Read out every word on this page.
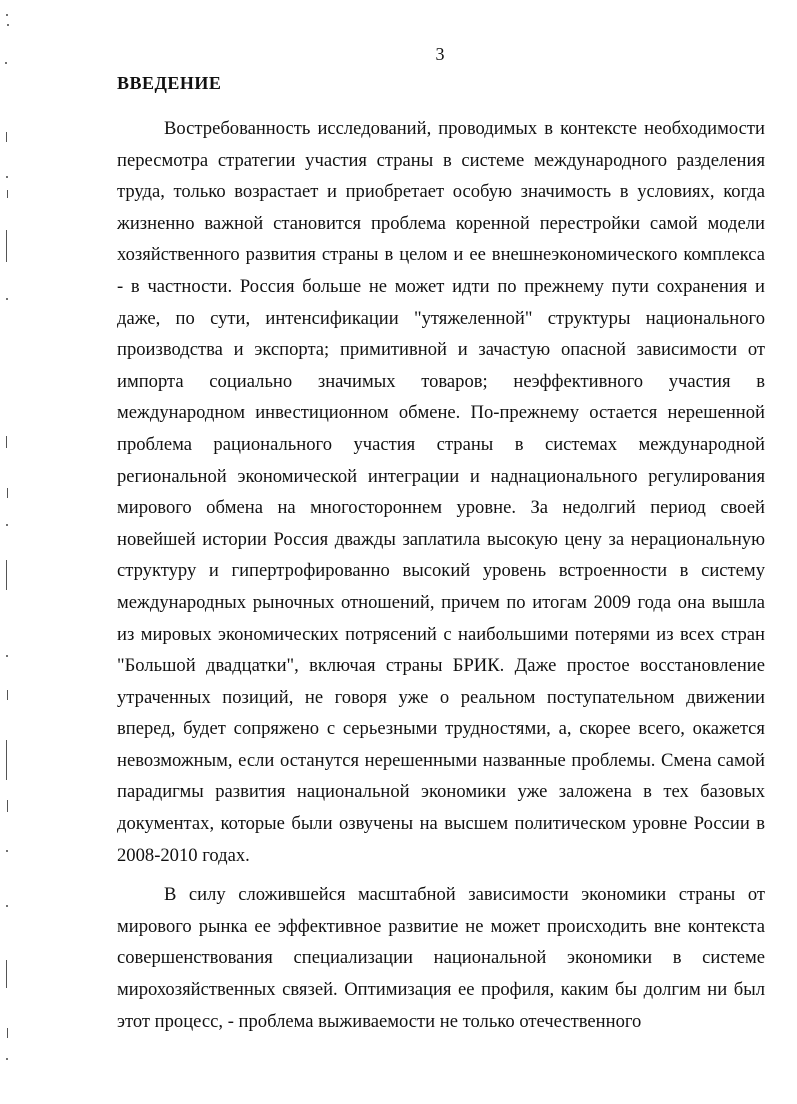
3
ВВЕДЕНИЕ

Востребованность исследований, проводимых в контексте необходимости пересмотра стратегии участия страны в системе международного разделения труда, только возрастает и приобретает особую значимость в условиях, когда жизненно важной становится проблема коренной перестройки самой модели хозяйственного развития страны в целом и ее внешнеэкономического комплекса - в частности. Россия больше не может идти по прежнему пути сохранения и даже, по сути, интенсификации "утяжеленной" структуры национального производства и экспорта; примитивной и зачастую опасной зависимости от импорта социально значимых товаров; неэффективного участия в международном инвестиционном обмене. По-прежнему остается нерешенной проблема рационального участия страны в системах международной региональной экономической интеграции и наднационального регулирования мирового обмена на многостороннем уровне. За недолгий период своей новейшей истории Россия дважды заплатила высокую цену за нерациональную структуру и гипертрофированно высокий уровень встроенности в систему международных рыночных отношений, причем по итогам 2009 года она вышла из мировых экономических потрясений с наибольшими потерями из всех стран "Большой двадцатки", включая страны БРИК. Даже простое восстановление утраченных позиций, не говоря уже о реальном поступательном движении вперед, будет сопряжено с серьезными трудностями, а, скорее всего, окажется невозможным, если останутся нерешенными названные проблемы. Смена самой парадигмы развития национальной экономики уже заложена в тех базовых документах, которые были озвучены на высшем политическом уровне России в 2008-2010 годах.

В силу сложившейся масштабной зависимости экономики страны от мирового рынка ее эффективное развитие не может происходить вне контекста совершенствования специализации национальной экономики в системе мирохозяйственных связей. Оптимизация ее профиля, каким бы долгим ни был этот процесс, - проблема выживаемости не только отечественного
